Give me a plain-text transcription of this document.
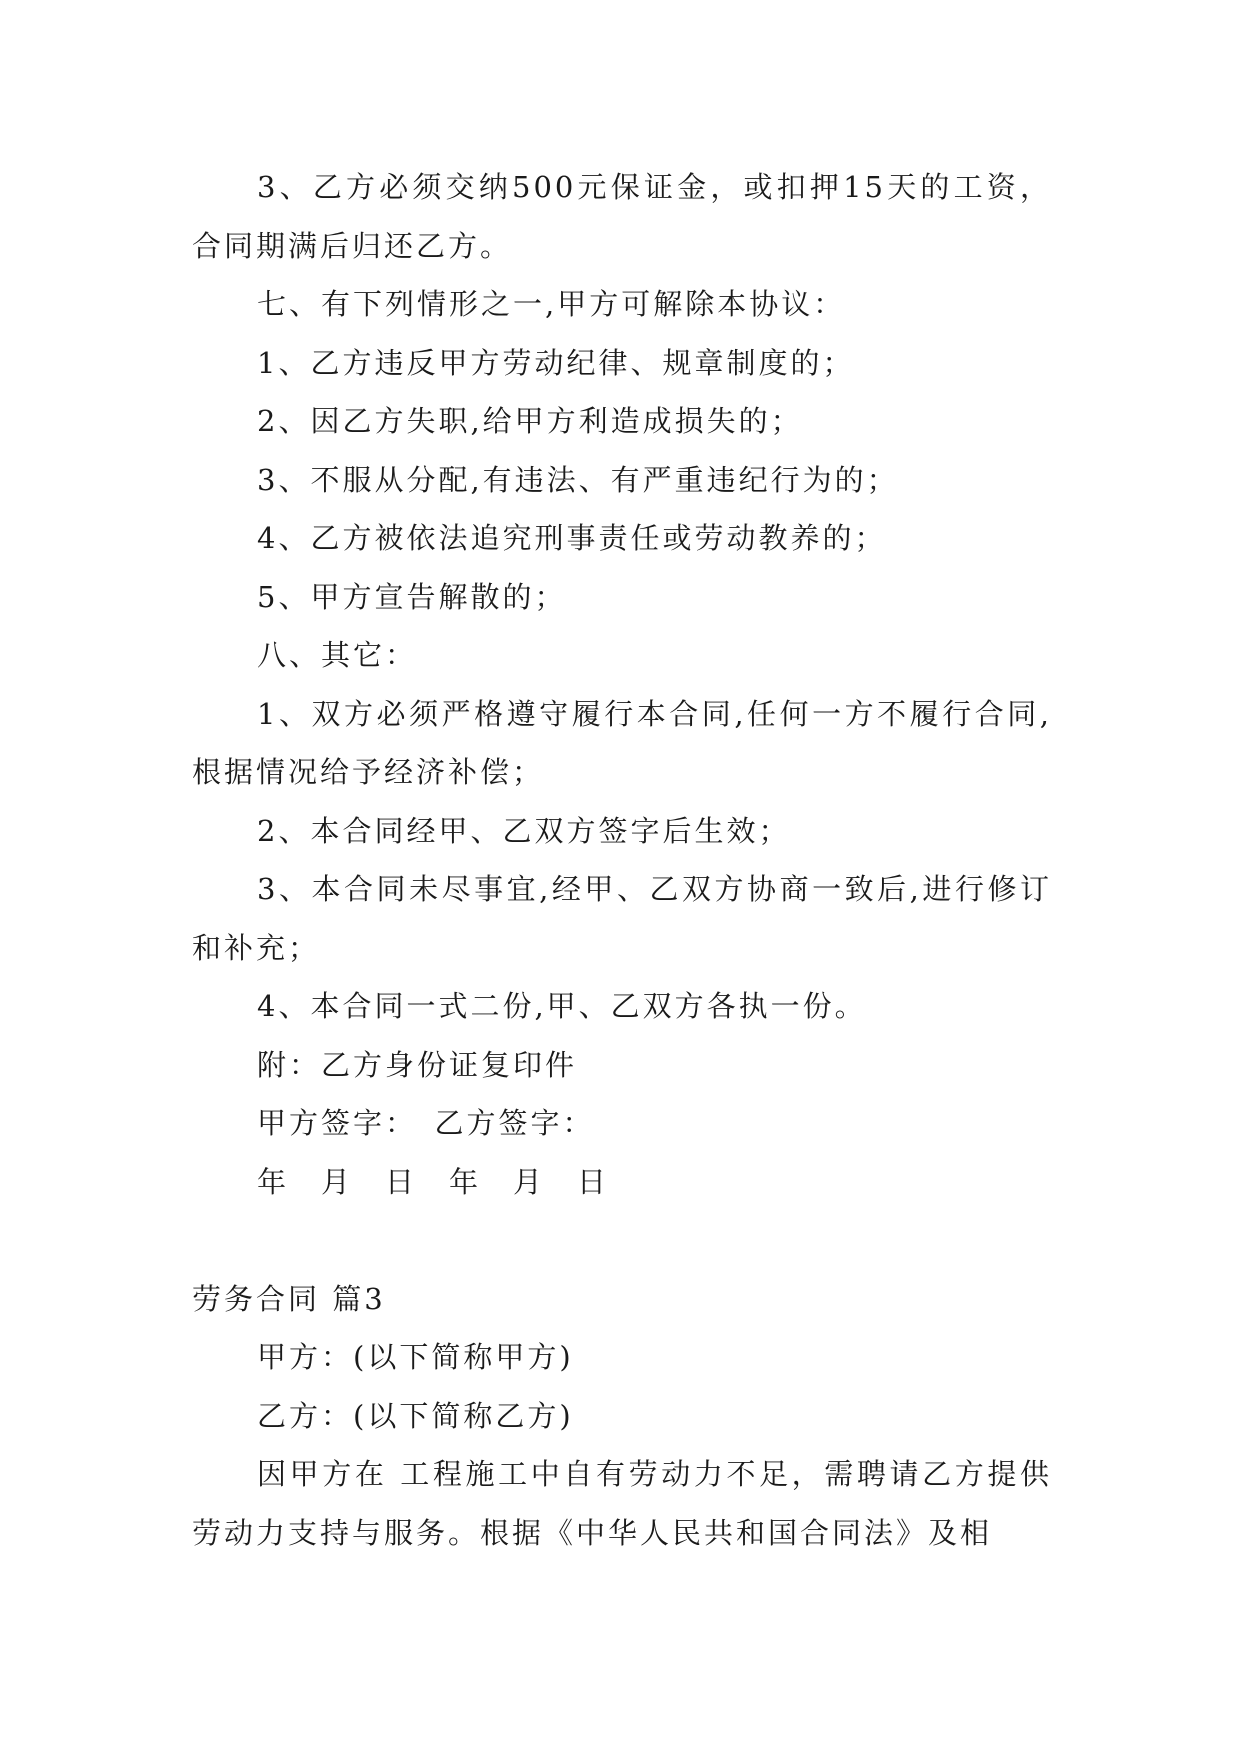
3、乙方必须交纳500元保证金，或扣押15天的工资，合同期满后归还乙方。

七、有下列情形之一,甲方可解除本协议：

1、乙方违反甲方劳动纪律、规章制度的；

2、因乙方失职,给甲方利造成损失的；

3、不服从分配,有违法、有严重违纪行为的；

4、乙方被依法追究刑事责任或劳动教养的；

5、甲方宣告解散的；

八、其它：

1、双方必须严格遵守履行本合同,任何一方不履行合同,根据情况给予经济补偿；

2、本合同经甲、乙双方签字后生效；

3、本合同未尽事宜,经甲、乙双方协商一致后,进行修订和补充；

4、本合同一式二份,甲、乙双方各执一份。

附：乙方身份证复印件

甲方签字：　乙方签字：

年　月　日　年　月　日

劳务合同 篇3

甲方：(以下简称甲方)

乙方：(以下简称乙方)

因甲方在 工程施工中自有劳动力不足，需聘请乙方提供劳动力支持与服务。根据《中华人民共和国合同法》及相
